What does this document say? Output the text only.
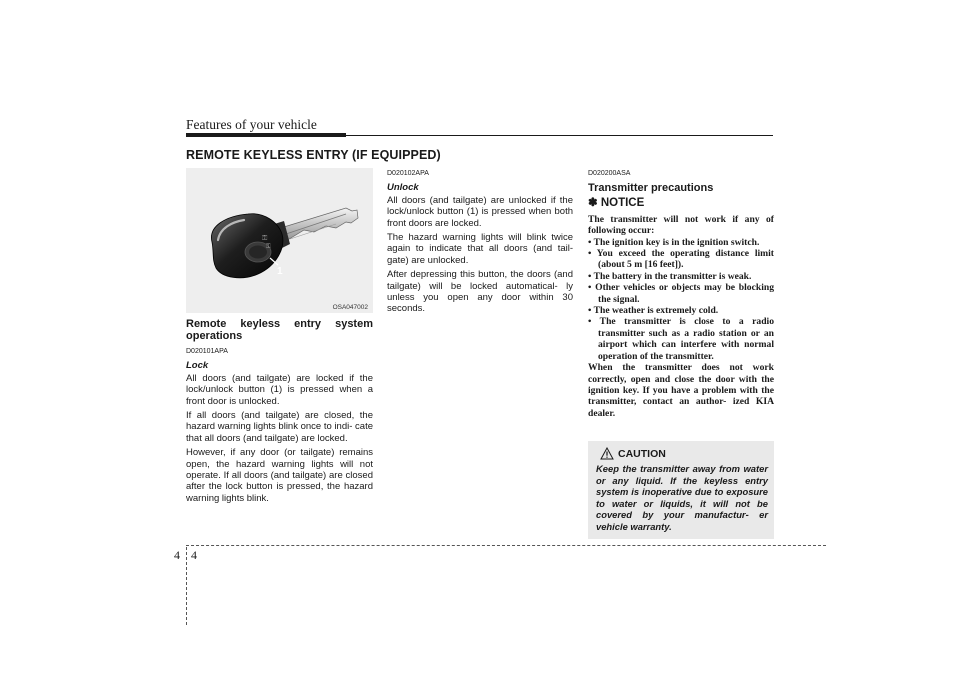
Features of your vehicle
REMOTE KEYLESS ENTRY (IF EQUIPPED)
⚿
⚿
1
OSA047002

Remote keyless entry system operations

D020101APA

Lock

All doors (and tailgate) are locked if the lock/unlock button (1) is pressed when a front door is unlocked.

If all doors (and tailgate) are closed, the hazard warning lights blink once to indi- cate that all doors (and tailgate) are locked.

However, if any door (or tailgate) remains open, the hazard warning lights will not operate. If all doors (and tailgate) are closed after the lock button is pressed, the hazard warning lights blink.

D020102APA

Unlock

All doors (and tailgate) are unlocked if the lock/unlock button (1) is pressed when both front doors are locked.

The hazard warning lights will blink twice again to indicate that all doors (and tail- gate) are unlocked.

After depressing this button, the doors (and tailgate) will be locked automatical- ly unless you open any door within 30 seconds.

D020200ASA

Transmitter precautions

✽ NOTICE

The transmitter will not work if any of following occur:

• The ignition key is in the ignition switch.
• You exceed the operating distance limit (about 5 m [16 feet]).
• The battery in the transmitter is weak.
• Other vehicles or objects may be blocking the signal.
• The weather is extremely cold.
• The transmitter is close to a radio transmitter such as a radio station or an airport which can interfere with normal operation of the transmitter.

When the transmitter does not work correctly, open and close the door with the ignition key. If you have a problem with the transmitter, contact an author- ized KIA dealer.

CAUTION
Keep the transmitter away from water or any liquid. If the keyless entry system is inoperative due to exposure to water or liquids, it will not be covered by your manufactur- er vehicle warranty.
4 4
